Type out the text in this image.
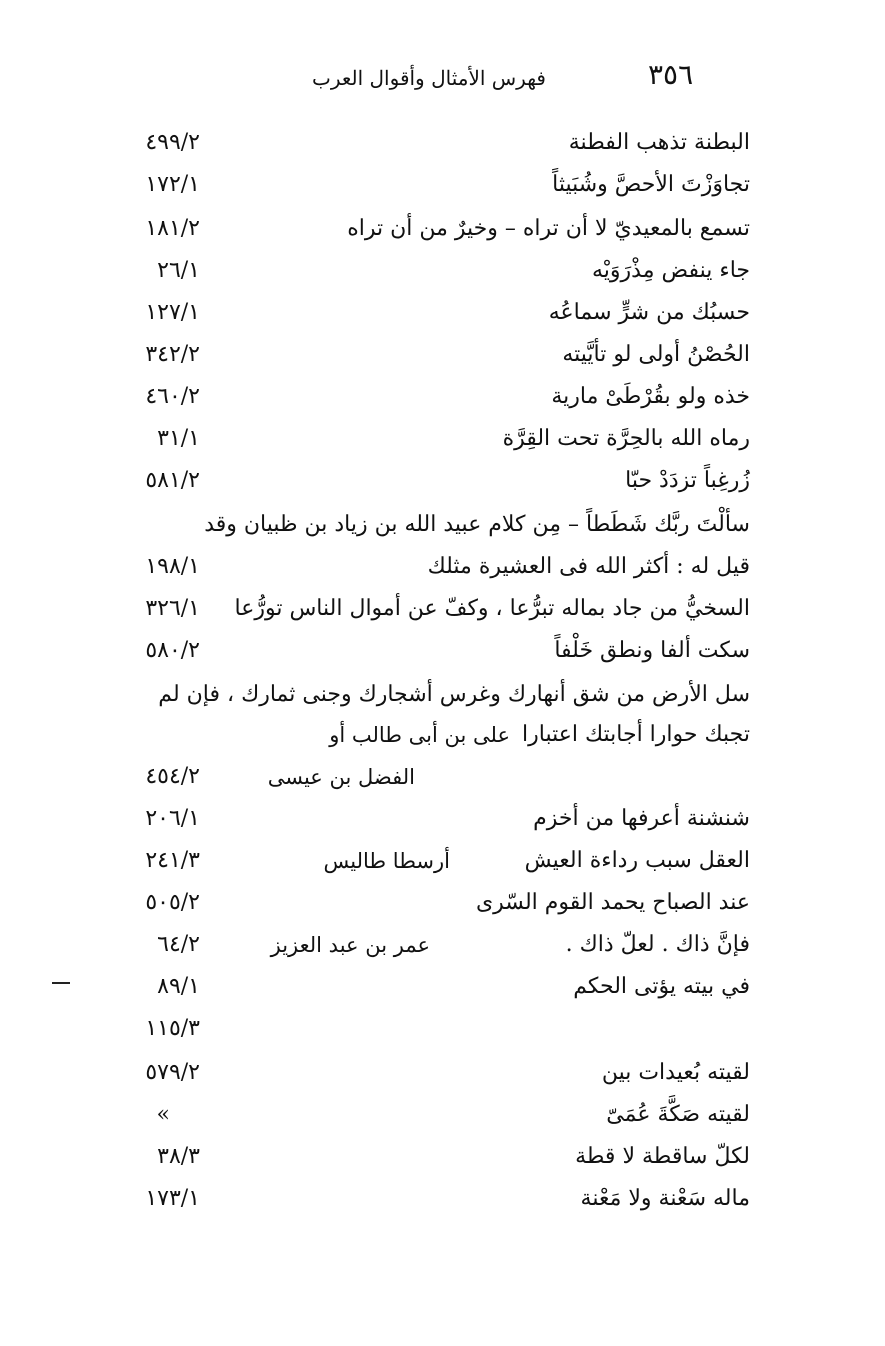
٣٥٦
فهرس الأمثال وأقوال العرب
البطنة تذهب الفطنة
٤٩٩/٢
تجاوَزْتَ الأحصَّ وشُبَيثاً
١٧٢/١
تسمع بالمعيديّ لا أن تراه – وخيرٌ من أن تراه
١٨١/٢
جاء ينفض مِذْرَوَيْه
٢٦/١
حسبُك من شرٍّ سماعُه
١٢٧/١
الحُصْنُ أولى لو تأيَّيته
٣٤٢/٢
خذه ولو بقُرْطَىْ مارية
٤٦٠/٢
رماه الله بالحِرَّة تحت القِرَّة
٣١/١
زُرغِباً تزدَدْ حبّا
٥٨١/٢
سألْتَ ربَّك شَطَطاً – مِن كلام عبيد الله بن زياد بن ظبيان وقد
قيل له : أكثر الله فى العشيرة مثلك
١٩٨/١
السخيُّ من جاد بماله تبرُّعا ، وكفّ عن أموال الناس تورُّعا
٣٢٦/١
سكت ألفا ونطق خَلْفاً
٥٨٠/٢
سل الأرض من شق أنهارك وغرس أشجارك وجنى ثمارك ، فإن لم
تجبك حوارا أجابتك اعتبارا
على بن أبى طالب أو
الفضل بن عيسى
٤٥٤/٢
شنشنة أعرفها من أخزم
٢٠٦/١
العقل سبب رداءة العيش
أرسطا طاليس
٢٤١/٣
عند الصباح يحمد القوم السّرى
٥٠٥/٢
فإنَّ ذاك . لعلّ ذاك .
عمر بن عبد العزيز
٦٤/٢
في بيته يؤتى الحكم
٨٩/١
١١٥/٣
لقيته بُعيدات بين
٥٧٩/٢
لقيته صَكَّةَ عُمَىّ
»
لكلّ ساقطة لا قطة
٣٨/٣
ماله سَعْنة ولا مَعْنة
١٧٣/١
